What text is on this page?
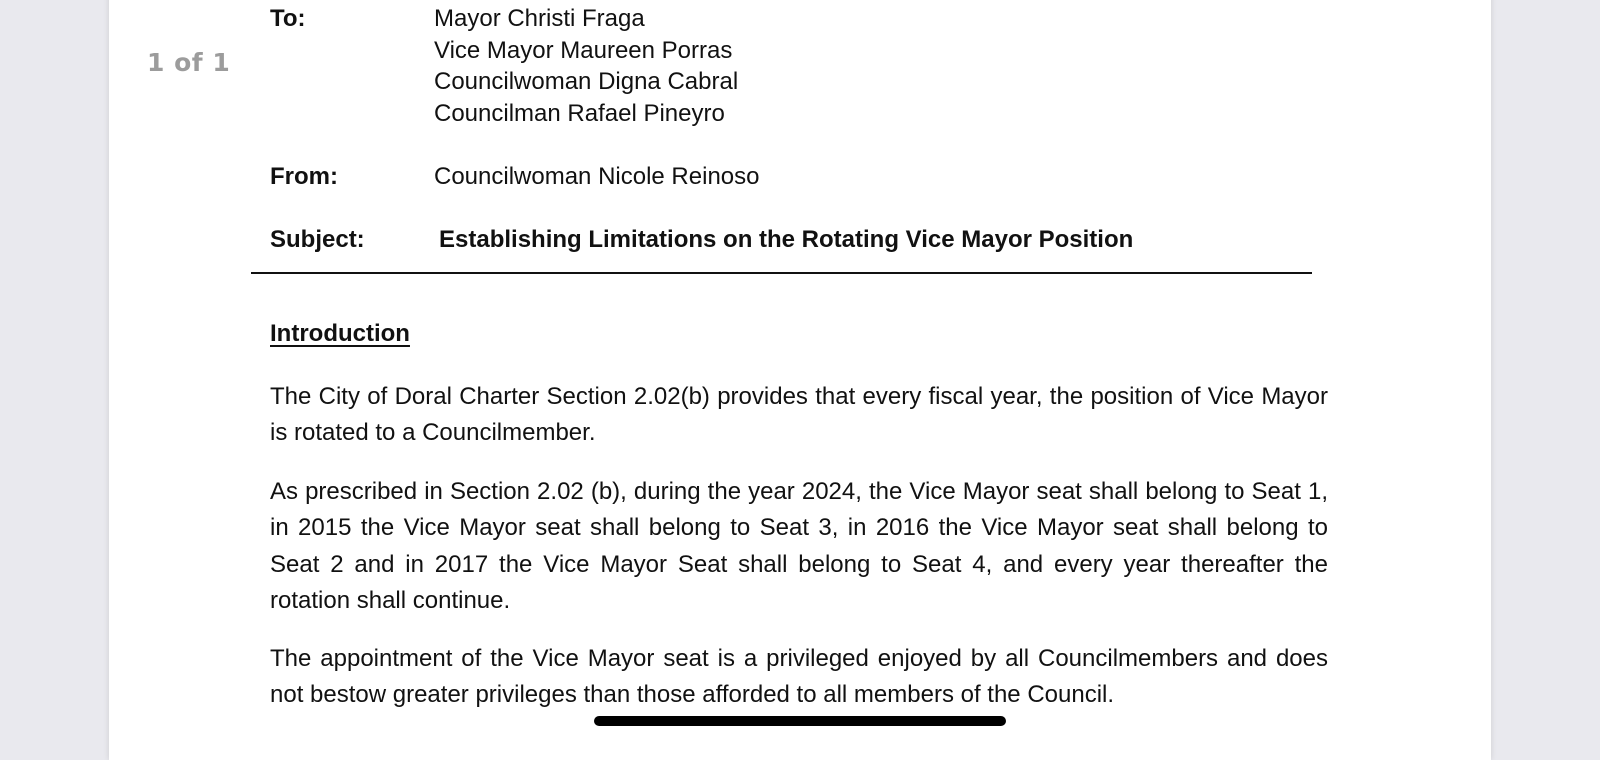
1 of 1
To:	Mayor Christi Fraga
Vice Mayor Maureen Porras
Councilwoman Digna Cabral
Councilman Rafael Pineyro
From:	Councilwoman Nicole Reinoso
Subject:	Establishing Limitations on the Rotating Vice Mayor Position
Introduction
The City of Doral Charter Section 2.02(b) provides that every fiscal year, the position of Vice Mayor is rotated to a Councilmember.
As prescribed in Section 2.02 (b), during the year 2024, the Vice Mayor seat shall belong to Seat 1, in 2015 the Vice Mayor seat shall belong to Seat 3, in 2016 the Vice Mayor seat shall belong to Seat 2 and in 2017 the Vice Mayor Seat shall belong to Seat 4, and every year thereafter the rotation shall continue.
The appointment of the Vice Mayor seat is a privileged enjoyed by all Councilmembers and does not bestow greater privileges than those afforded to all members of the Council.
